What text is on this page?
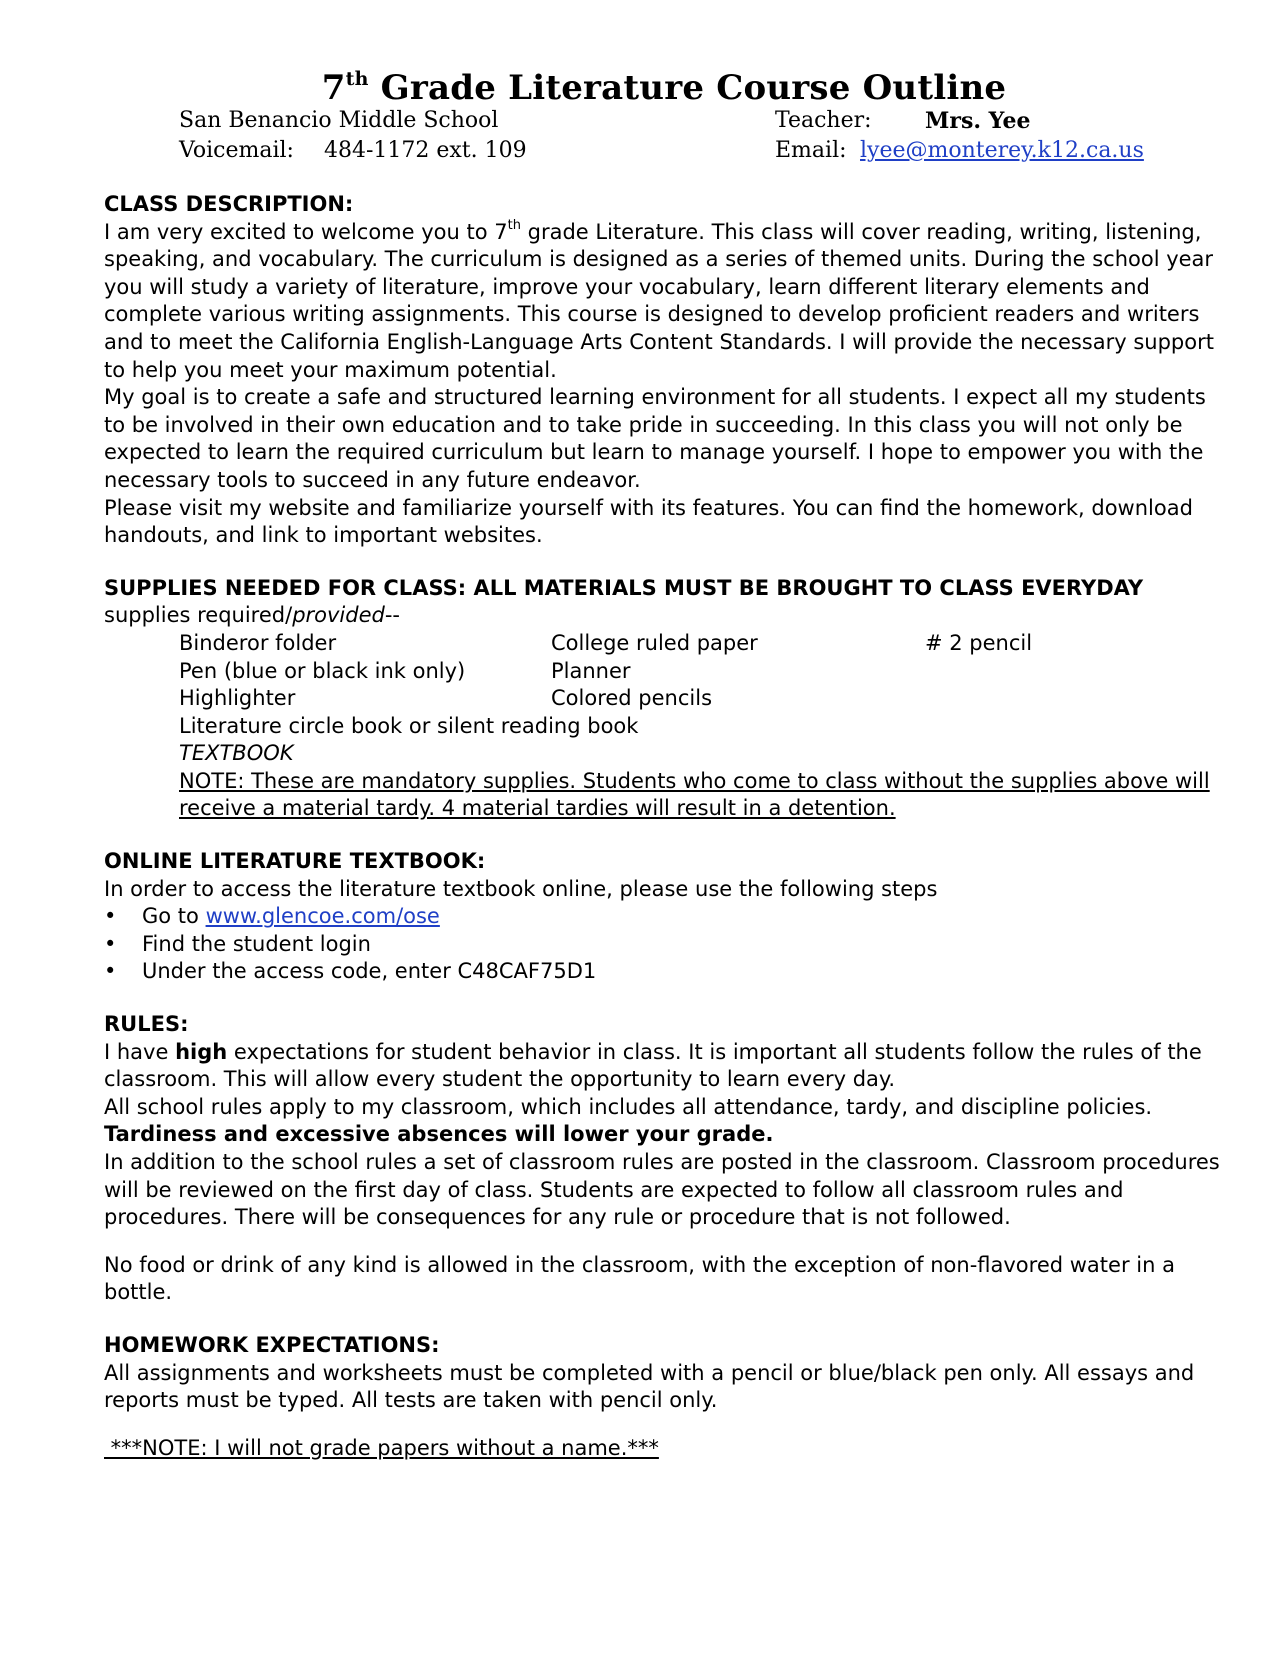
7th Grade Literature Course Outline
San Benancio Middle School	Teacher:	Mrs. Yee
Voicemail: 484-1172 ext. 109	Email: lyee@monterey.k12.ca.us
CLASS DESCRIPTION:

I am very excited to welcome you to 7th grade Literature. This class will cover reading, writing, listening, speaking, and vocabulary. The curriculum is designed as a series of themed units. During the school year you will study a variety of literature, improve your vocabulary, learn different literary elements and complete various writing assignments. This course is designed to develop proficient readers and writers and to meet the California English-Language Arts Content Standards. I will provide the necessary support to help you meet your maximum potential.

My goal is to create a safe and structured learning environment for all students. I expect all my students to be involved in their own education and to take pride in succeeding. In this class you will not only be expected to learn the required curriculum but learn to manage yourself. I hope to empower you with the necessary tools to succeed in any future endeavor.

Please visit my website and familiarize yourself with its features. You can find the homework, download handouts, and link to important websites.

SUPPLIES NEEDED FOR CLASS: ALL MATERIALS MUST BE BROUGHT TO CLASS EVERYDAY

supplies required/provided--

Binderor folder	College ruled paper	# 2 pencil
Pen (blue or black ink only)	Planner
Highlighter	Colored pencils
Literature circle book or silent reading book
TEXTBOOK
NOTE: These are mandatory supplies. Students who come to class without the supplies above will receive a material tardy. 4 material tardies will result in a detention.
ONLINE LITERATURE TEXTBOOK:

In order to access the literature textbook online, please use the following steps

•	Go to www.glencoe.com/ose
•	Find the student login
•	Under the access code, enter C48CAF75D1
RULES:

I have high expectations for student behavior in class. It is important all students follow the rules of the classroom. This will allow every student the opportunity to learn every day.

All school rules apply to my classroom, which includes all attendance, tardy, and discipline policies. Tardiness and excessive absences will lower your grade.

In addition to the school rules a set of classroom rules are posted in the classroom. Classroom procedures will be reviewed on the first day of class. Students are expected to follow all classroom rules and procedures. There will be consequences for any rule or procedure that is not followed.

No food or drink of any kind is allowed in the classroom, with the exception of non-flavored water in a bottle.

HOMEWORK EXPECTATIONS:

All assignments and worksheets must be completed with a pencil or blue/black pen only. All essays and reports must be typed. All tests are taken with pencil only.

***NOTE: I will not grade papers without a name.***
